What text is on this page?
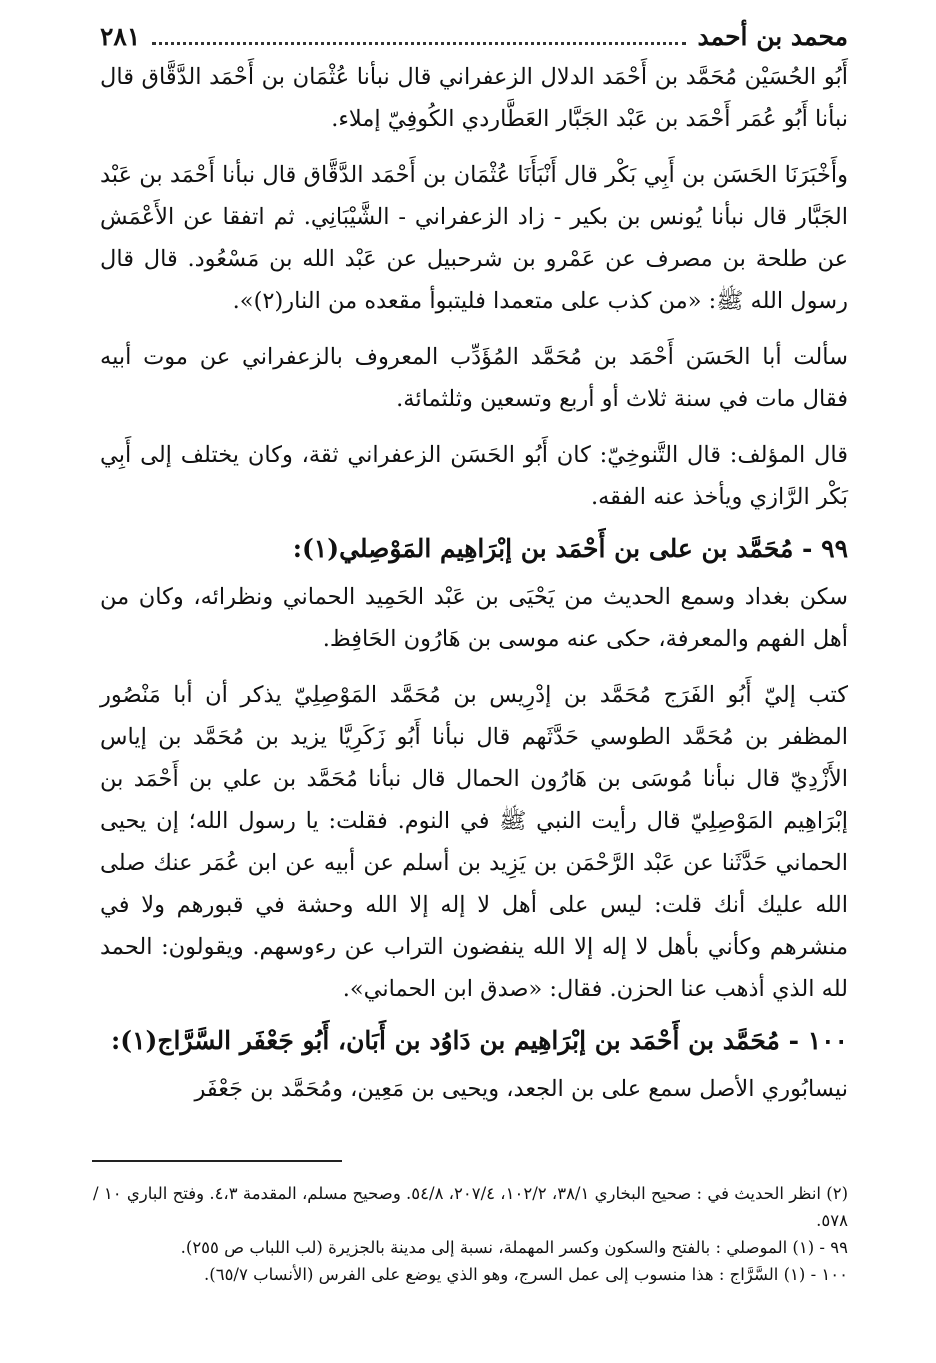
محمد بن أحمد
٢٨١

أَبُو الحُسَيْن مُحَمَّد بن أَحْمَد الدلال الزعفراني قال نبأنا عُثْمَان بن أَحْمَد الدَّقَّاق قال نبأنا أَبُو عُمَر أَحْمَد بن عَبْد الجَبَّار العَطَّاردي الكُوفِيّ إملاء.

وأَخْبَرَنَا الحَسَن بن أَبِي بَكْر قال أَنْبَأَنَا عُثْمَان بن أَحْمَد الدَّقَّاق قال نبأنا أَحْمَد بن عَبْد الجَبَّار قال نبأنا يُونس بن بكير - زاد الزعفراني - الشَّيْبَانِي. ثم اتفقا عن الأَعْمَش عن طلحة بن مصرف عن عَمْرو بن شرحبيل عن عَبْد الله بن مَسْعُود. قال قال رسول الله ﷺ: «من كذب على متعمدا فليتبوأ مقعده من النار(٢)».

سألت أبا الحَسَن أَحْمَد بن مُحَمَّد المُؤَدِّب المعروف بالزعفراني عن موت أبيه فقال مات في سنة ثلاث أو أربع وتسعين وثلثمائة.

قال المؤلف: قال التَّنوخِيّ: كان أَبُو الحَسَن الزعفراني ثقة، وكان يختلف إلى أَبِي بَكْر الرَّازي ويأخذ عنه الفقه.

٩٩ - مُحَمَّد بن على بن أَحْمَد بن إبْرَاهِيم المَوْصِلي(١):

سكن بغداد وسمع الحديث من يَحْيَى بن عَبْد الحَمِيد الحماني ونظرائه، وكان من أهل الفهم والمعرفة، حكى عنه موسى بن هَارُون الحَافِظ.

كتب إليّ أَبُو الفَرَج مُحَمَّد بن إدْرِيس بن مُحَمَّد المَوْصِلِيّ يذكر أن أبا مَنْصُور المظفر بن مُحَمَّد الطوسي حَدَّثَهم قال نبأنا أَبُو زَكَرِيَّا يزيد بن مُحَمَّد بن إياس الأَزْدِيّ قال نبأنا مُوسَى بن هَارُون الحمال قال نبأنا مُحَمَّد بن علي بن أَحْمَد بن إبْرَاهِيم المَوْصِلِيّ قال رأيت النبي ﷺ في النوم. فقلت: يا رسول الله؛ إن يحيى الحماني حَدَّثَنا عن عَبْد الرَّحْمَن بن يَزِيد بن أسلم عن أبيه عن ابن عُمَر عنك صلى الله عليك أنك قلت: ليس على أهل لا إله إلا الله وحشة في قبورهم ولا في منشرهم وكأني بأهل لا إله إلا الله ينفضون التراب عن رءوسهم. ويقولون: الحمد لله الذي أذهب عنا الحزن. فقال: «صدق ابن الحماني».

١٠٠ - مُحَمَّد بن أَحْمَد بن إبْرَاهِيم بن دَاوُد بن أَبَان، أَبُو جَعْفَر السَّرَّاج(١):

نيسابُوري الأصل سمع على بن الجعد، ويحيى بن مَعِين، ومُحَمَّد بن جَعْفَر

(٢) انظر الحديث في : صحيح البخاري ٣٨/١، ١٠٢/٢، ٢٠٧/٤، ٥٤/٨. وصحيح مسلم، المقدمة ٤،٣. وفتح الباري ١٠ / ٥٧٨.

٩٩ - (١) الموصلي : بالفتح والسكون وكسر المهملة، نسبة إلى مدينة بالجزيرة (لب اللباب ص ٢٥٥).

١٠٠ - (١) السَّرَّاج : هذا منسوب إلى عمل السرج، وهو الذي يوضع على الفرس (الأنساب ٦٥/٧).
